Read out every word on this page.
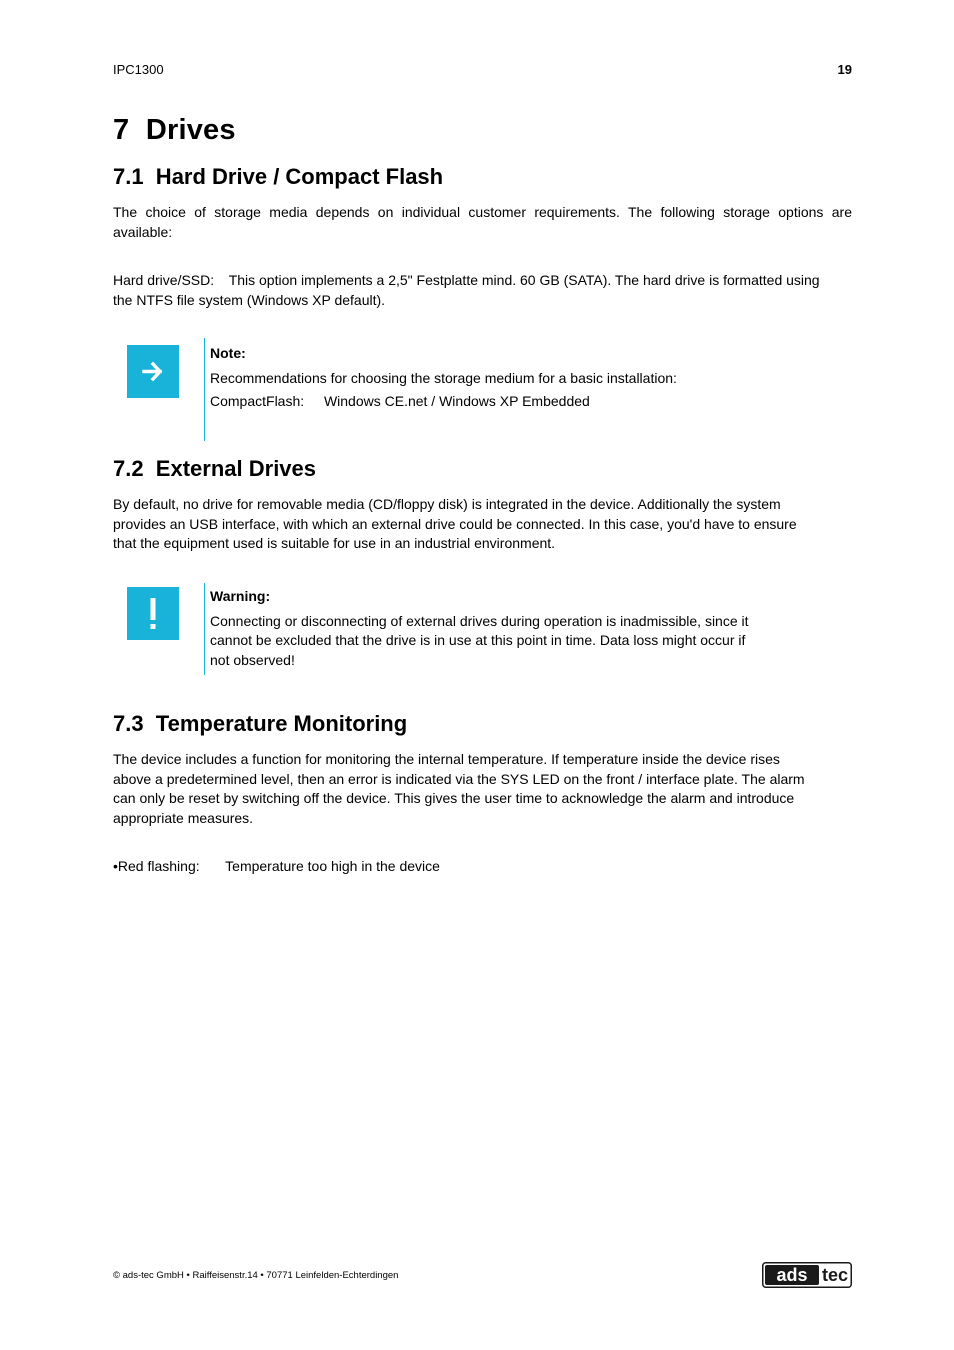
IPC1300	19
7  Drives
7.1  Hard Drive / Compact Flash

The choice of storage media depends on individual customer requirements. The following storage options are available:

Hard drive/SSD: This option implements a 2,5" Festplatte mind. 60 GB (SATA). The hard drive is formatted using
the NTFS file system (Windows XP default).
Note:
Recommendations for choosing the storage medium for a basic installation:
CompactFlash: Windows CE.net / Windows XP Embedded
7.2  External Drives
By default, no drive for removable media (CD/floppy disk) is integrated in the device. Additionally the system
provides an USB interface, with which an external drive could be connected. In this case, you'd have to ensure
that the equipment used is suitable for use in an industrial environment.
Warning:
Connecting or disconnecting of external drives during operation is inadmissible, since it
cannot be excluded that the drive is in use at this point in time. Data loss might occur if
not observed!
7.3  Temperature Monitoring
The device includes a function for monitoring the internal temperature. If temperature inside the device rises
above a predetermined level, then an error is indicated via the SYS LED on the front / interface plate. The alarm
can only be reset by switching off the device. This gives the user time to acknowledge the alarm and introduce
appropriate measures.
•Red flashing: Temperature too high in the device
© ads-tec GmbH • Raiffeisenstr.14 • 70771 Leinfelden-Echterdingen	ads tec
